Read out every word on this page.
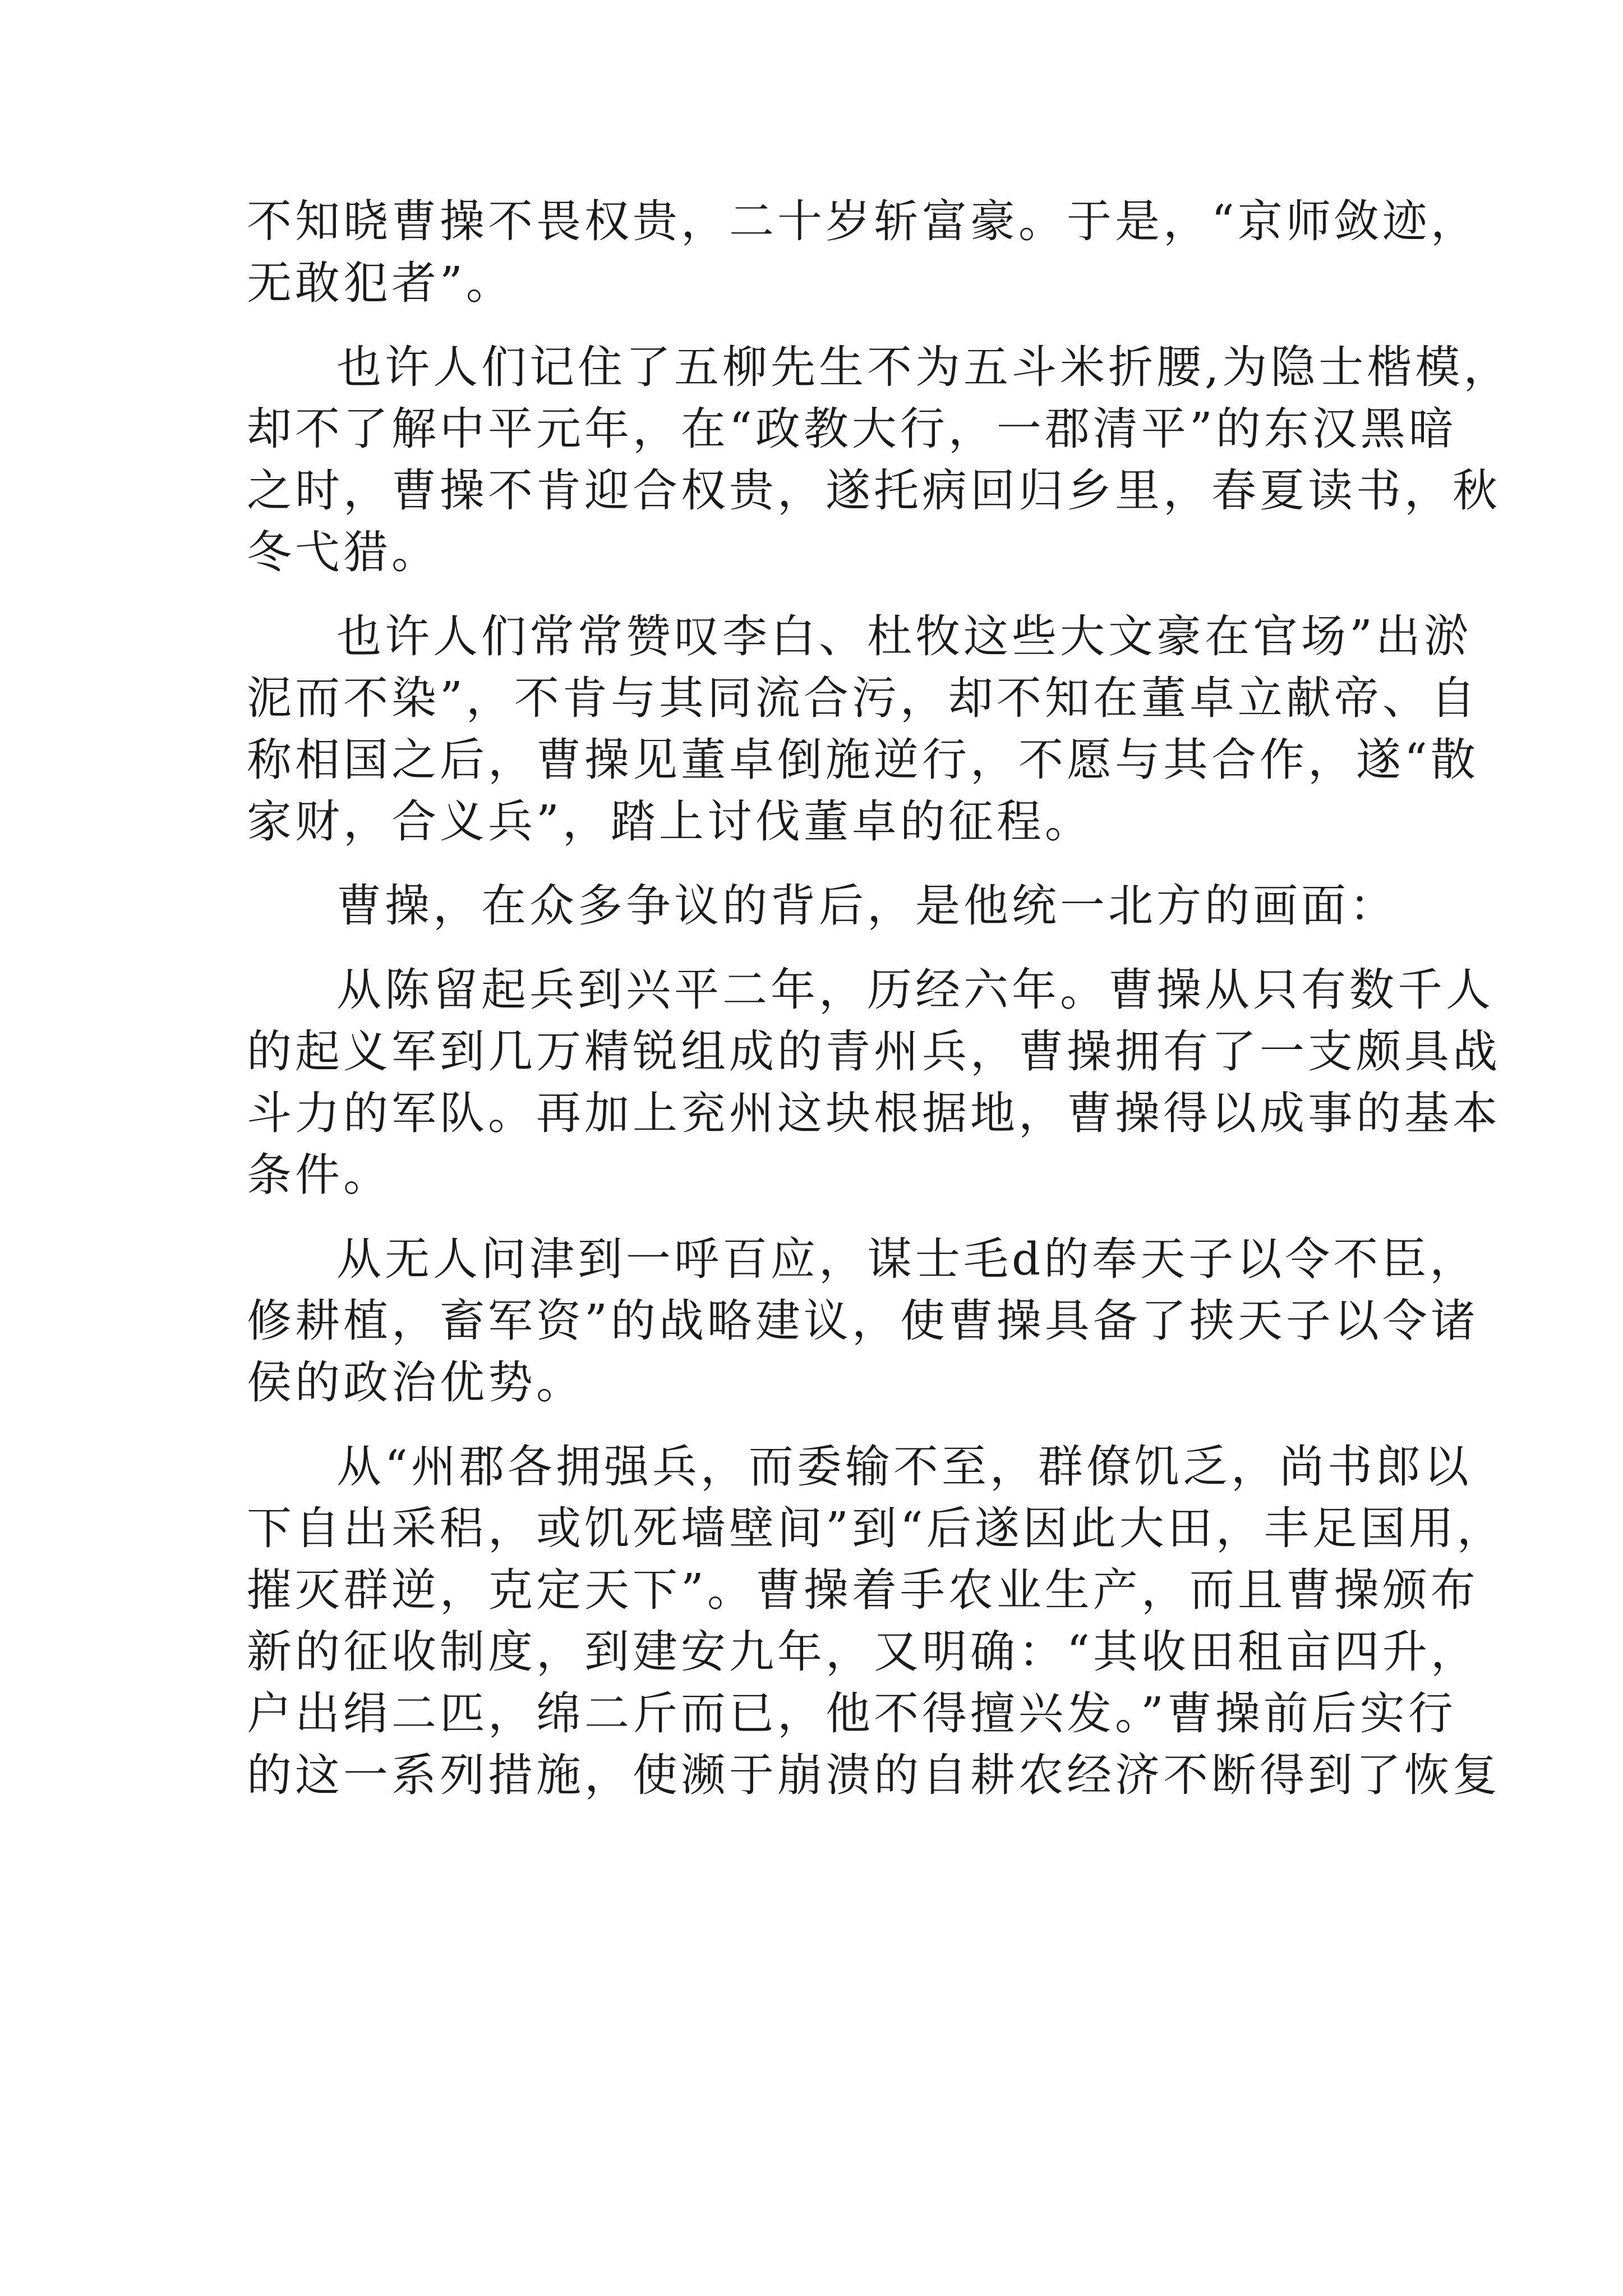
不知晓曹操不畏权贵，二十岁斩富豪。于是，“京师敛迹，
无敢犯者”。
也许人们记住了五柳先生不为五斗米折腰,为隐士楷模，
却不了解中平元年，在“政教大行，一郡清平”的东汉黑暗
之时，曹操不肯迎合权贵，遂托病回归乡里，春夏读书，秋
冬弋猎。
也许人们常常赞叹李白、杜牧这些大文豪在官场”出淤
泥而不染”，不肯与其同流合污，却不知在董卓立献帝、自
称相国之后，曹操见董卓倒施逆行，不愿与其合作，遂“散
家财，合义兵”，踏上讨伐董卓的征程。
曹操，在众多争议的背后，是他统一北方的画面：
从陈留起兵到兴平二年，历经六年。曹操从只有数千人
的起义军到几万精锐组成的青州兵，曹操拥有了一支颇具战
斗力的军队。再加上兖州这块根据地，曹操得以成事的基本
条件。
从无人问津到一呼百应，谋士毛d的奉天子以令不臣，
修耕植，畜军资”的战略建议，使曹操具备了挟天子以令诸
侯的政治优势。
从“州郡各拥强兵，而委输不至，群僚饥乏，尚书郎以
下自出采稆，或饥死墙壁间”到“后遂因此大田，丰足国用，
摧灭群逆，克定天下”。曹操着手农业生产，而且曹操颁布
新的征收制度，到建安九年，又明确：“其收田租亩四升，
户出绢二匹，绵二斤而已，他不得擅兴发。”曹操前后实行
的这一系列措施，使濒于崩溃的自耕农经济不断得到了恢复
